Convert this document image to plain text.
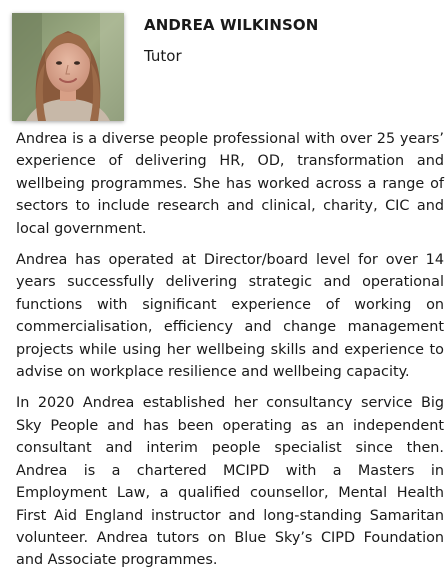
ANDREA WILKINSON
Tutor

Andrea is a diverse people professional with over 25 years’ experience of delivering HR, OD, transformation and wellbeing programmes. She has worked across a range of sectors to include research and clinical, charity, CIC and local government.

Andrea has operated at Director/board level for over 14 years successfully delivering strategic and operational functions with significant experience of working on commercialisation, efficiency and change management projects while using her wellbeing skills and experience to advise on workplace resilience and wellbeing capacity.

In 2020 Andrea established her consultancy service Big Sky People and has been operating as an independent consultant and interim people specialist since then. Andrea is a chartered MCIPD with a Masters in Employment Law, a qualified counsellor, Mental Health First Aid England instructor and long-standing Samaritan volunteer. Andrea tutors on Blue Sky’s CIPD Foundation and Associate programmes.
